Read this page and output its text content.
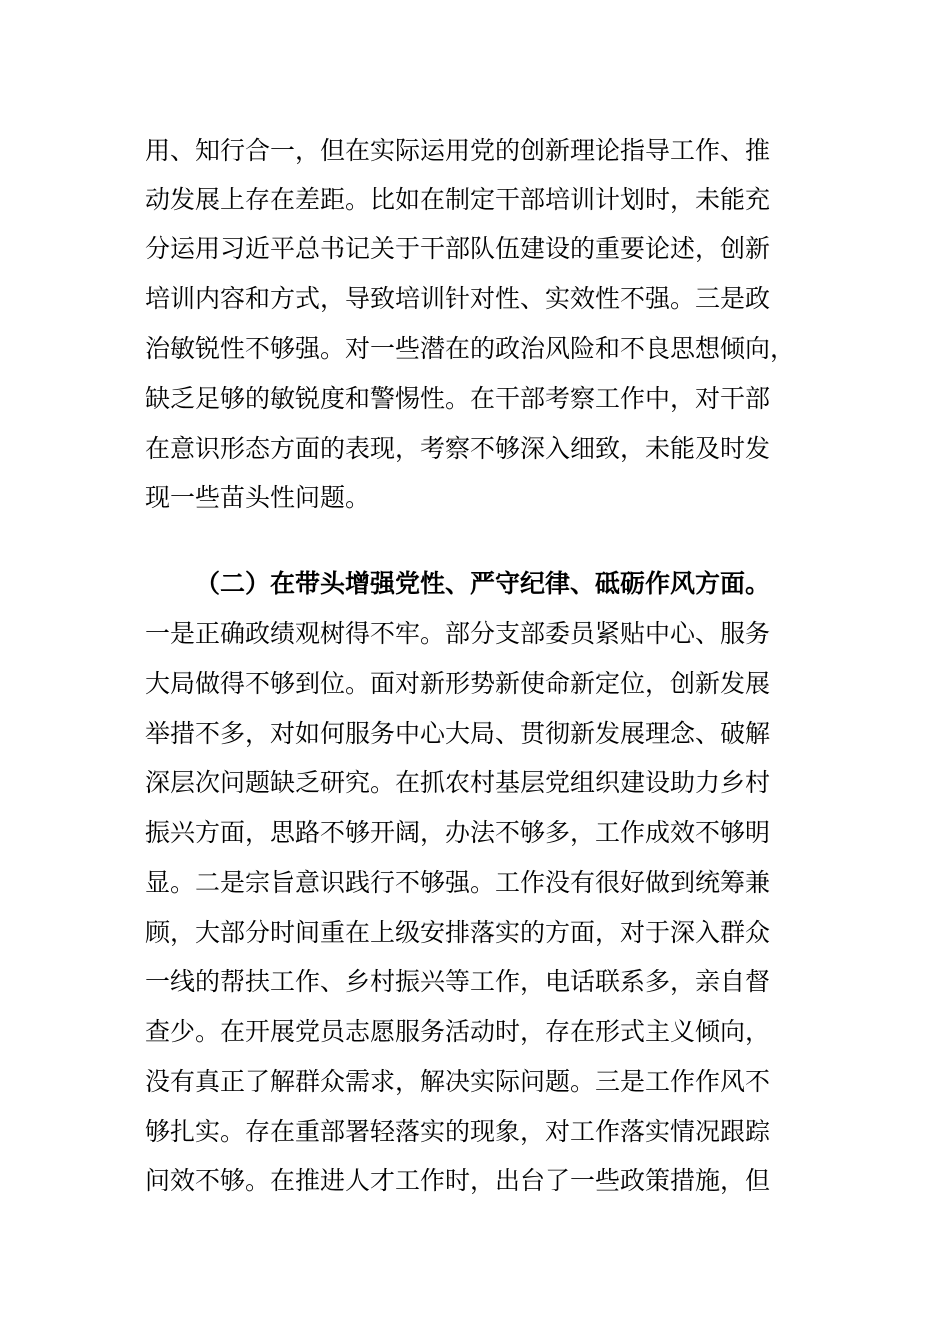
用、知行合一，但在实际运用党的创新理论指导工作、推
动发展上存在差距。比如在制定干部培训计划时，未能充
分运用习近平总书记关于干部队伍建设的重要论述，创新
培训内容和方式，导致培训针对性、实效性不强。三是政
治敏锐性不够强。对一些潜在的政治风险和不良思想倾向，
缺乏足够的敏锐度和警惕性。在干部考察工作中，对干部
在意识形态方面的表现，考察不够深入细致，未能及时发
现一些苗头性问题。
（二）在带头增强党性、严守纪律、砥砺作风方面。
一是正确政绩观树得不牢。部分支部委员紧贴中心、服务
大局做得不够到位。面对新形势新使命新定位，创新发展
举措不多，对如何服务中心大局、贯彻新发展理念、破解
深层次问题缺乏研究。在抓农村基层党组织建设助力乡村
振兴方面，思路不够开阔，办法不够多，工作成效不够明
显。二是宗旨意识践行不够强。工作没有很好做到统筹兼
顾，大部分时间重在上级安排落实的方面，对于深入群众
一线的帮扶工作、乡村振兴等工作，电话联系多，亲自督
查少。在开展党员志愿服务活动时，存在形式主义倾向，
没有真正了解群众需求，解决实际问题。三是工作作风不
够扎实。存在重部署轻落实的现象，对工作落实情况跟踪
问效不够。在推进人才工作时，出台了一些政策措施，但
